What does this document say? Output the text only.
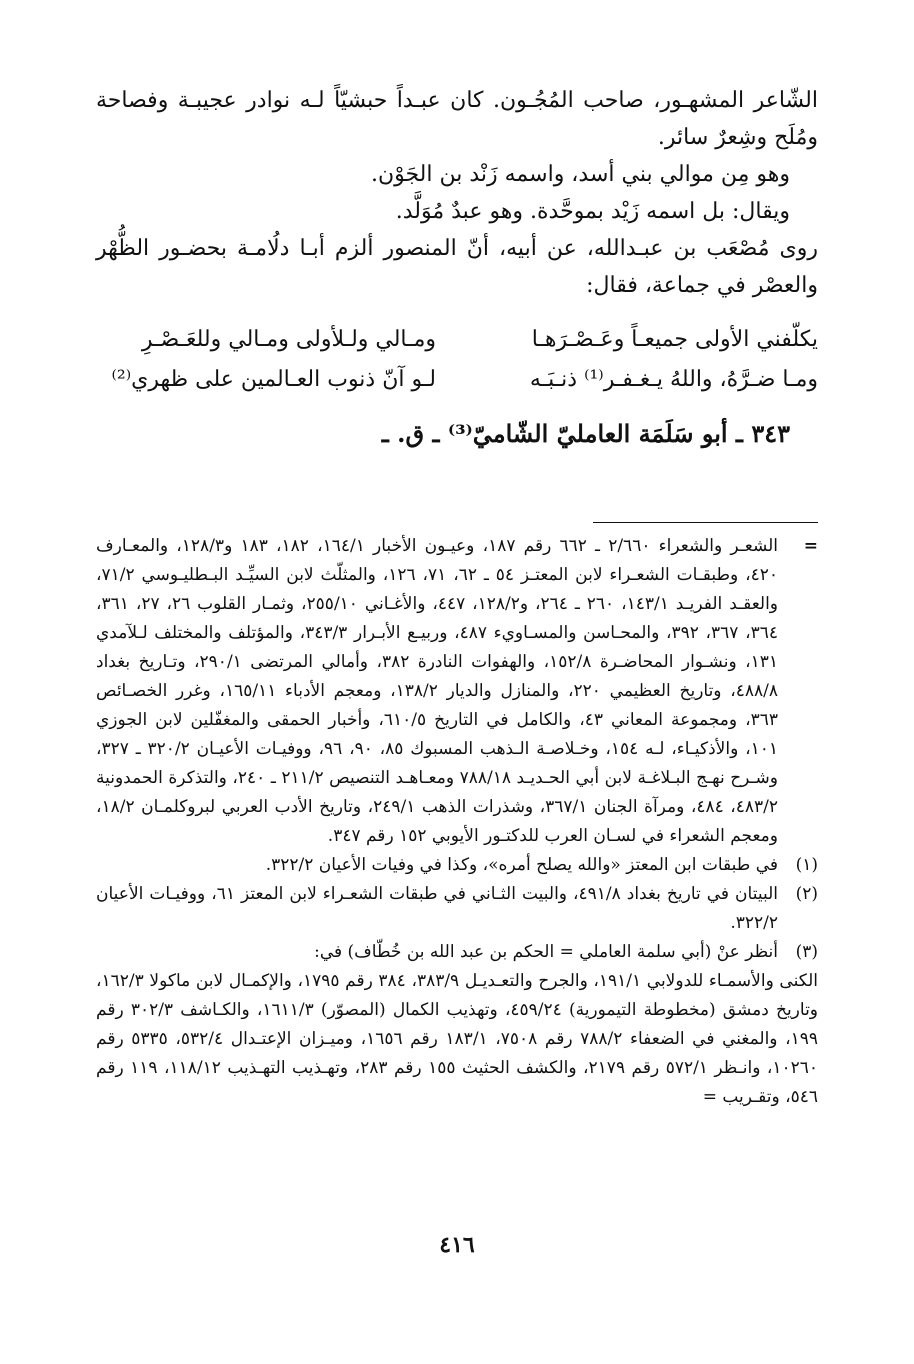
الشّاعر المشهـور، صاحب المُجُـون. كان عبـداً حبشيّاً لـه نوادر عجيبـة وفصاحة ومُلَح وشِعرٌ سائر.

وهو مِن موالي بني أسد، واسمه زَنْد بن الجَوْن.

ويقال: بل اسمه زَيْد بموحَّدة. وهو عبدٌ مُوَلَّد.

روى مُصْعَب بن عبـدالله، عن أبيه، أنّ المنصور ألزم أبـا دلُامـة بحضـور الظُّهْر والعصْر في جماعة، فقال:

يكلّفني الأولى جميعـاً وعَـصْـرَهـا
ومـالي ولـلأولى ومـالي وللعَـصْـرِ
ومـا ضـرَّهُ، واللهُ يـغـفـر⁽¹⁾ ذنـبَـه
لـو آنّ ذنوب العـالمين على ظهري⁽²⁾
٣٤٣ ـ أبو سَلَمَة العامليّ الشّاميّ⁽³⁾ ـ ق. ـ
=
الشعـر والشعراء ٢/٦٦٠ ـ ٦٦٢ رقم ١٨٧، وعيـون الأخبار ١٦٤/١، ١٨٢، ١٨٣ و١٢٨/٣، والمعـارف ٤٢٠، وطبقـات الشعـراء لابن المعتـز ٥٤ ـ ٦٢، ٧١، ١٢٦، والمثلّث لابن السيِّـد البـطليـوسي ٧١/٢، والعقـد الفريـد ١٤٣/١، ٢٦٠ ـ ٢٦٤، و١٢٨/٢، ٤٤٧، والأغـاني ٢٥٥/١٠، وثمـار القلوب ٢٦، ٢٧، ٣٦١، ٣٦٤، ٣٦٧، ٣٩٢، والمحـاسن والمسـاويء ٤٨٧، وربيـع الأبـرار ٣٤٣/٣، والمؤتلف والمختلف لـلآمدي ١٣١، ونشـوار المحاضـرة ١٥٢/٨، والهفوات النادرة ٣٨٢، وأمالي المرتضى ٢٩٠/١، وتـاريخ بغداد ٤٨٨/٨، وتاريخ العظيمي ٢٢٠، والمنازل والديار ١٣٨/٢، ومعجم الأدباء ١٦٥/١١، وغرر الخصـائص ٣٦٣، ومجموعة المعاني ٤٣، والكامل في التاريخ ٦١٠/٥، وأخبار الحمقى والمغفّلين لابن الجوزي ١٠١، والأذكيـاء، لـه ١٥٤، وخـلاصـة الـذهب المسبوك ٨٥، ٩٠، ٩٦، ووفيـات الأعيـان ٣٢٠/٢ ـ ٣٢٧، وشـرح نهـج البـلاغـة لابن أبي الحـديـد ٧٨٨/١٨ ومعـاهـد التنصيص ٢١١/٢ ـ ٢٤٠، والتذكرة الحمدونية ٤٨٣/٢، ٤٨٤، ومرآة الجنان ٣٦٧/١، وشذرات الذهب ٢٤٩/١، وتاريخ الأدب العربي لبروكلمـان ١٨/٢، ومعجم الشعراء في لسـان العرب للدكتـور الأيوبي ١٥٢ رقم ٣٤٧.
(١)
في طبقات ابن المعتز «والله يصلح أمره»، وكذا في وفيات الأعيان ٣٢٢/٢.
(٢)
البيتان في تاريخ بغداد ٤٩١/٨، والبيت الثـاني في طبقات الشعـراء لابن المعتز ٦١، ووفيـات الأعيان ٣٢٢/٢.
(٣)
أنظر عنْ (أبي سلمة العاملي = الحكم بن عبد الله بن خُطّاف) في:
الكنى والأسمـاء للدولابي ١٩١/١، والجرح والتعـديـل ٣٨٣/٩، ٣٨٤ رقم ١٧٩٥، والإكمـال لابن ماكولا ١٦٢/٣، وتاريخ دمشق (مخطوطة التيمورية) ٤٥٩/٢٤، وتهذيب الكمال (المصوّر) ١٦١١/٣، والكـاشف ٣٠٢/٣ رقم ١٩٩، والمغني في الضعفاء ٧٨٨/٢ رقم ٧٥٠٨، ١٨٣/١ رقم ١٦٥٦، وميـزان الإعتـدال ٥٣٢/٤، ٥٣٣٥ رقم ١٠٢٦٠، وانـظر ٥٧٢/١ رقم ٢١٧٩، والكشف الحثيث ١٥٥ رقم ٢٨٣، وتهـذيب التهـذيب ١١٨/١٢، ١١٩ رقم ٥٤٦، وتقـريب =
٤١٦
